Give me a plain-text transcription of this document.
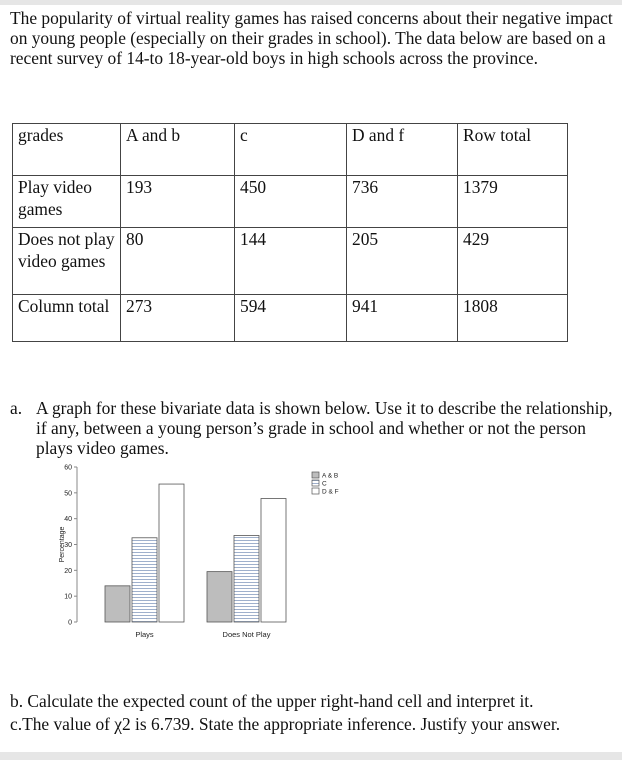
The popularity of virtual reality games has raised concerns about their negative impact on young people (especially on their grades in school). The data below are based on a recent survey of 14-to 18-year-old boys in high schools across the province.

grades	A and b	c	D and f	Row total
Play video games	193	450	736	1379
Does not play video games	80	144	205	429
Column total	273	594	941	1808
a. A graph for these bivariate data is shown below. Use it to describe the relationship, if any, between a young person’s grade in school and whether or not the person plays video games.
0
10
20
30
40
50
60
Percentage
Plays	Does Not Play
A & B
C
D & F

b. Calculate the expected count of the upper right-hand cell and interpret it.

c.The value of χ2 is 6.739. State the appropriate inference. Justify your answer.
